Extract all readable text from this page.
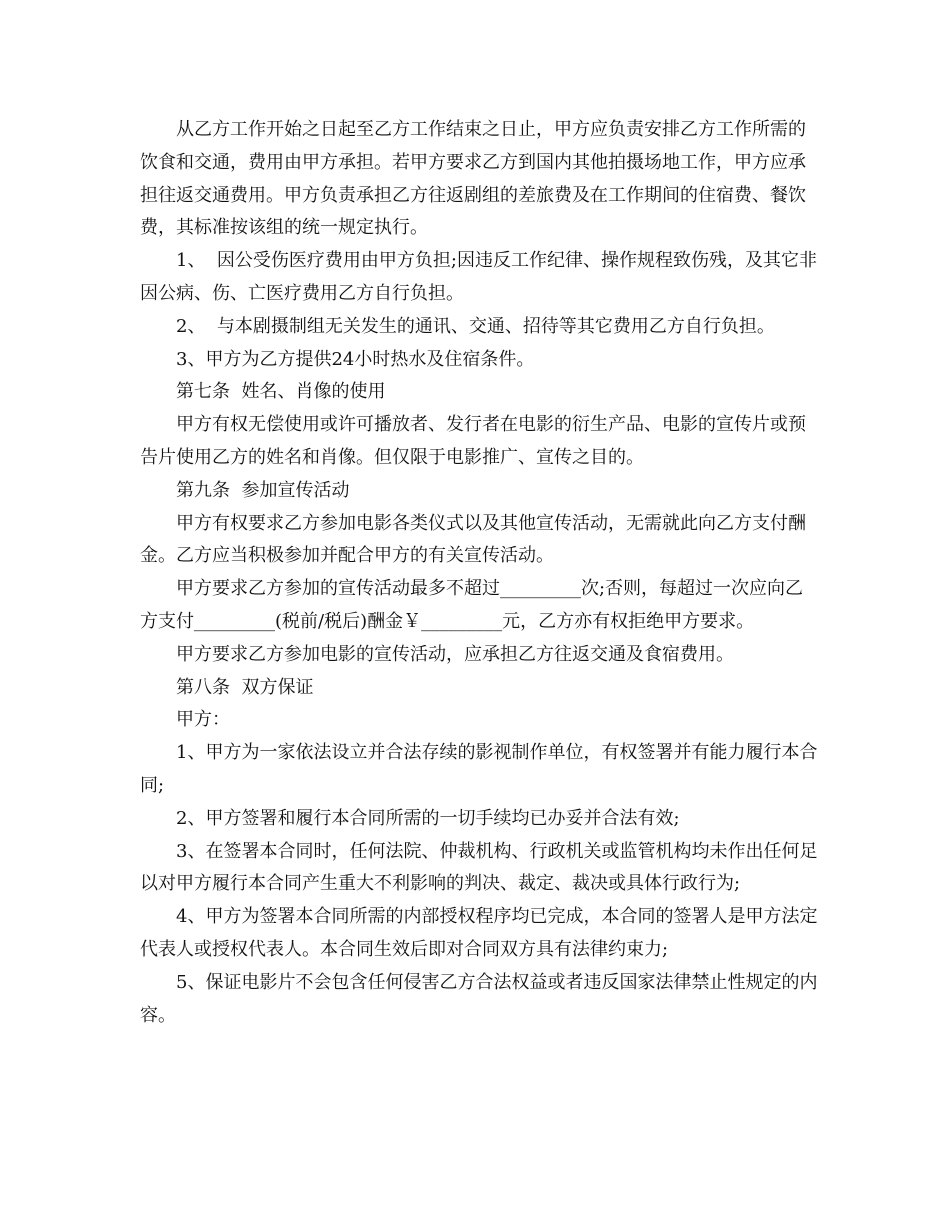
从乙方工作开始之日起至乙方工作结束之日止，甲方应负责安排乙方工作所需的饮食和交通，费用由甲方承担。若甲方要求乙方到国内其他拍摄场地工作，甲方应承担往返交通费用。甲方负责承担乙方往返剧组的差旅费及在工作期间的住宿费、餐饮费，其标准按该组的统一规定执行。

1、  因公受伤医疗费用由甲方负担;因违反工作纪律、操作规程致伤残，及其它非因公病、伤、亡医疗费用乙方自行负担。

2、  与本剧摄制组无关发生的通讯、交通、招待等其它费用乙方自行负担。

3、甲方为乙方提供24小时热水及住宿条件。

第七条  姓名、肖像的使用

甲方有权无偿使用或许可播放者、发行者在电影的衍生产品、电影的宣传片或预告片使用乙方的姓名和肖像。但仅限于电影推广、宣传之目的。

第九条  参加宣传活动

甲方有权要求乙方参加电影各类仪式以及其他宣传活动，无需就此向乙方支付酬金。乙方应当积极参加并配合甲方的有关宣传活动。

甲方要求乙方参加的宣传活动最多不超过_________次;否则，每超过一次应向乙方支付_________(税前/税后)酬金￥_________元，乙方亦有权拒绝甲方要求。

甲方要求乙方参加电影的宣传活动，应承担乙方往返交通及食宿费用。

第八条  双方保证

甲方：

1、甲方为一家依法设立并合法存续的影视制作单位，有权签署并有能力履行本合同;

2、甲方签署和履行本合同所需的一切手续均已办妥并合法有效;

3、在签署本合同时，任何法院、仲裁机构、行政机关或监管机构均未作出任何足以对甲方履行本合同产生重大不利影响的判决、裁定、裁决或具体行政行为;

4、甲方为签署本合同所需的内部授权程序均已完成，本合同的签署人是甲方法定代表人或授权代表人。本合同生效后即对合同双方具有法律约束力;

5、保证电影片不会包含任何侵害乙方合法权益或者违反国家法律禁止性规定的内容。
